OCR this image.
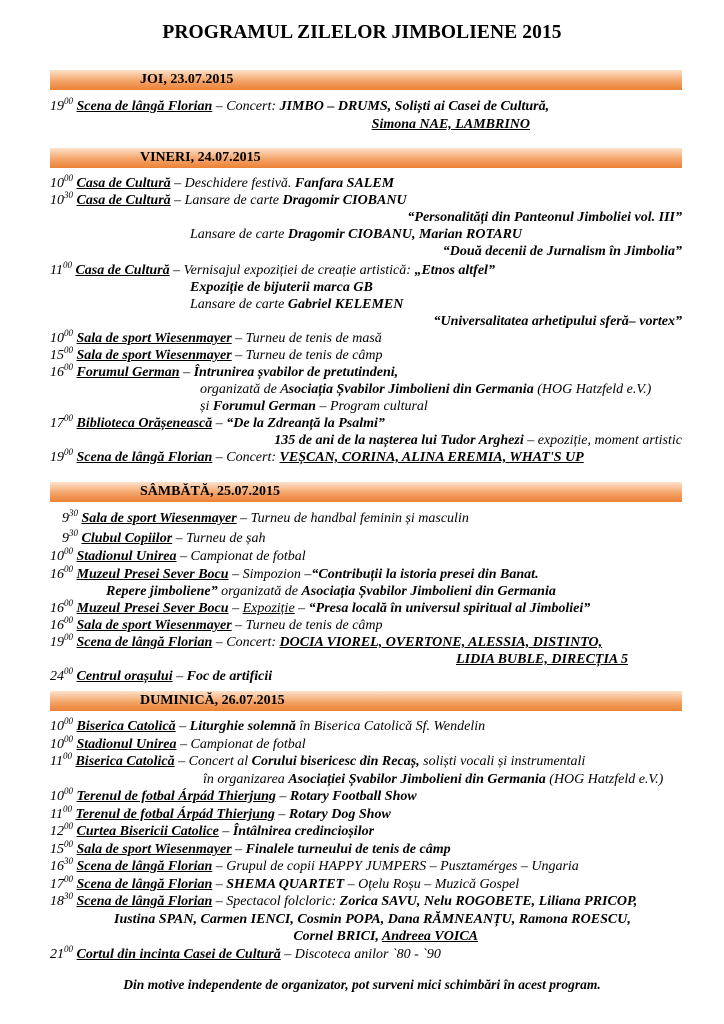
PROGRAMUL ZILELOR JIMBOLIENE 2015
JOI, 23.07.2015
$19^{00}$ Scena de lângă Florian – Concert: JIMBO – DRUMS, Soliști ai Casei de Cultură,
Simona NAE, LAMBRINO
VINERI, 24.07.2015
$10^{00}$ Casa de Cultură – Deschidere festivă. Fanfara SALEM
$10^{30}$ Casa de Cultură – Lansare de carte Dragomir CIOBANU
“Personalități din Panteonul Jimboliei vol. III”
Lansare de carte Dragomir CIOBANU, Marian ROTARU
“Două decenii de Jurnalism în Jimbolia”
$11^{00}$ Casa de Cultură – Vernisajul expoziției de creație artistică: „Etnos altfel”
Expoziție de bijuterii marca GB
Lansare de carte Gabriel KELEMEN
“Universalitatea arhetipului sferă– vortex”
$10^{00}$ Sala de sport Wiesenmayer – Turneu de tenis de masă
$15^{00}$ Sala de sport Wiesenmayer – Turneu de tenis de câmp
$16^{00}$ Forumul German – Întrunirea șvabilor de pretutindeni,
organizată de Asociația Șvabilor Jimbolieni din Germania (HOG Hatzfeld e.V.)
și Forumul German – Program cultural
$17^{00}$ Biblioteca Orășenească – “De la Zdreanță la Psalmi”
135 de ani de la nașterea lui Tudor Arghezi – expoziție, moment artistic
$19^{00}$ Scena de lângă Florian – Concert: VEȘCAN, CORINA, ALINA EREMIA, WHAT'S UP
SÂMBĂTĂ, 25.07.2015
$9^{30}$ Sala de sport Wiesenmayer – Turneu de handbal feminin și masculin
$9^{30}$ Clubul Copiilor – Turneu de șah
$10^{00}$ Stadionul Unirea – Campionat de fotbal
$16^{00}$ Muzeul Presei Sever Bocu – Simpozion –“Contribuții la istoria presei din Banat.
Repere jimboliene” organizată de Asociația Șvabilor Jimbolieni din Germania
$16^{00}$ Muzeul Presei Sever Bocu – Expoziție – “Presa locală în universul spiritual al Jimboliei”
$16^{00}$ Sala de sport Wiesenmayer – Turneu de tenis de câmp
$19^{00}$ Scena de lângă Florian – Concert: DOCIA VIOREL, OVERTONE, ALESSIA, DISTINTO,
LIDIA BUBLE, DIRECȚIA 5
$24^{00}$ Centrul orașului – Foc de artificii
DUMINICĂ, 26.07.2015
$10^{00}$ Biserica Catolică – Liturghie solemnă în Biserica Catolică Sf. Wendelin
$10^{00}$ Stadionul Unirea – Campionat de fotbal
$11^{00}$ Biserica Catolică – Concert al Corului bisericesc din Recaș, soliști vocali și instrumentali
în organizarea Asociației Șvabilor Jimbolieni din Germania (HOG Hatzfeld e.V.)
$10^{00}$ Terenul de fotbal Árpád Thierjung – Rotary Football Show
$11^{00}$ Terenul de fotbal Árpád Thierjung – Rotary Dog Show
$12^{00}$ Curtea Bisericii Catolice – Întâlnirea credincioșilor
$15^{00}$ Sala de sport Wiesenmayer – Finalele turneului de tenis de câmp
$16^{30}$ Scena de lângă Florian – Grupul de copii HAPPY JUMPERS – Pusztamérges – Ungaria
$17^{00}$ Scena de lângă Florian – SHEMA QUARTET – Oțelu Roșu – Muzică Gospel
$18^{30}$ Scena de lângă Florian – Spectacol folcloric: Zorica SAVU, Nelu ROGOBETE, Liliana PRICOP,
Iustina SPAN, Carmen IENCI, Cosmin POPA, Dana RĂMNEANȚU, Ramona ROESCU,
Cornel BRICI, Andreea VOICA
$21^{00}$ Cortul din incinta Casei de Cultură – Discoteca anilor `80 - `90
Din motive independente de organizator, pot surveni mici schimbări în acest program.
